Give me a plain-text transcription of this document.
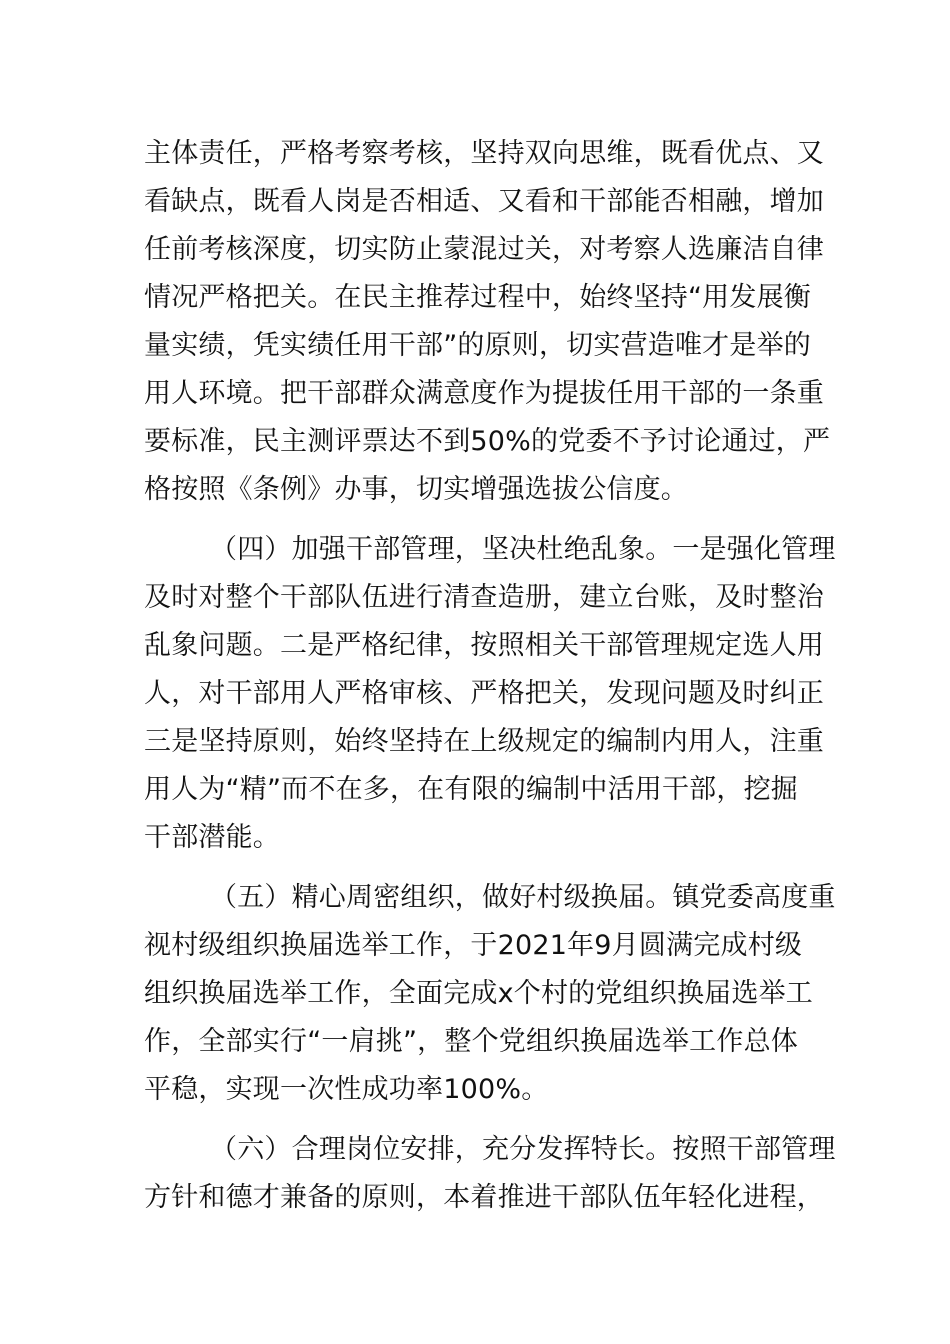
主体责任，严格考察考核，坚持双向思维，既看优点、又
看缺点，既看人岗是否相适、又看和干部能否相融，增加
任前考核深度，切实防止蒙混过关，对考察人选廉洁自律
情况严格把关。在民主推荐过程中，始终坚持“用发展衡
量实绩，凭实绩任用干部”的原则，切实营造唯才是举的
用人环境。把干部群众满意度作为提拔任用干部的一条重
要标准，民主测评票达不到50%的党委不予讨论通过，严
格按照《条例》办事，切实增强选拔公信度。
（四）加强干部管理，坚决杜绝乱象。一是强化管理
及时对整个干部队伍进行清查造册，建立台账，及时整治
乱象问题。二是严格纪律，按照相关干部管理规定选人用
人，对干部用人严格审核、严格把关，发现问题及时纠正
三是坚持原则，始终坚持在上级规定的编制内用人，注重
用人为“精”而不在多，在有限的编制中活用干部，挖掘
干部潜能。
（五）精心周密组织，做好村级换届。镇党委高度重
视村级组织换届选举工作，于2021年9月圆满完成村级
组织换届选举工作，全面完成x个村的党组织换届选举工
作，全部实行“一肩挑”，整个党组织换届选举工作总体
平稳，实现一次性成功率100%。
（六）合理岗位安排，充分发挥特长。按照干部管理
方针和德才兼备的原则，本着推进干部队伍年轻化进程，
